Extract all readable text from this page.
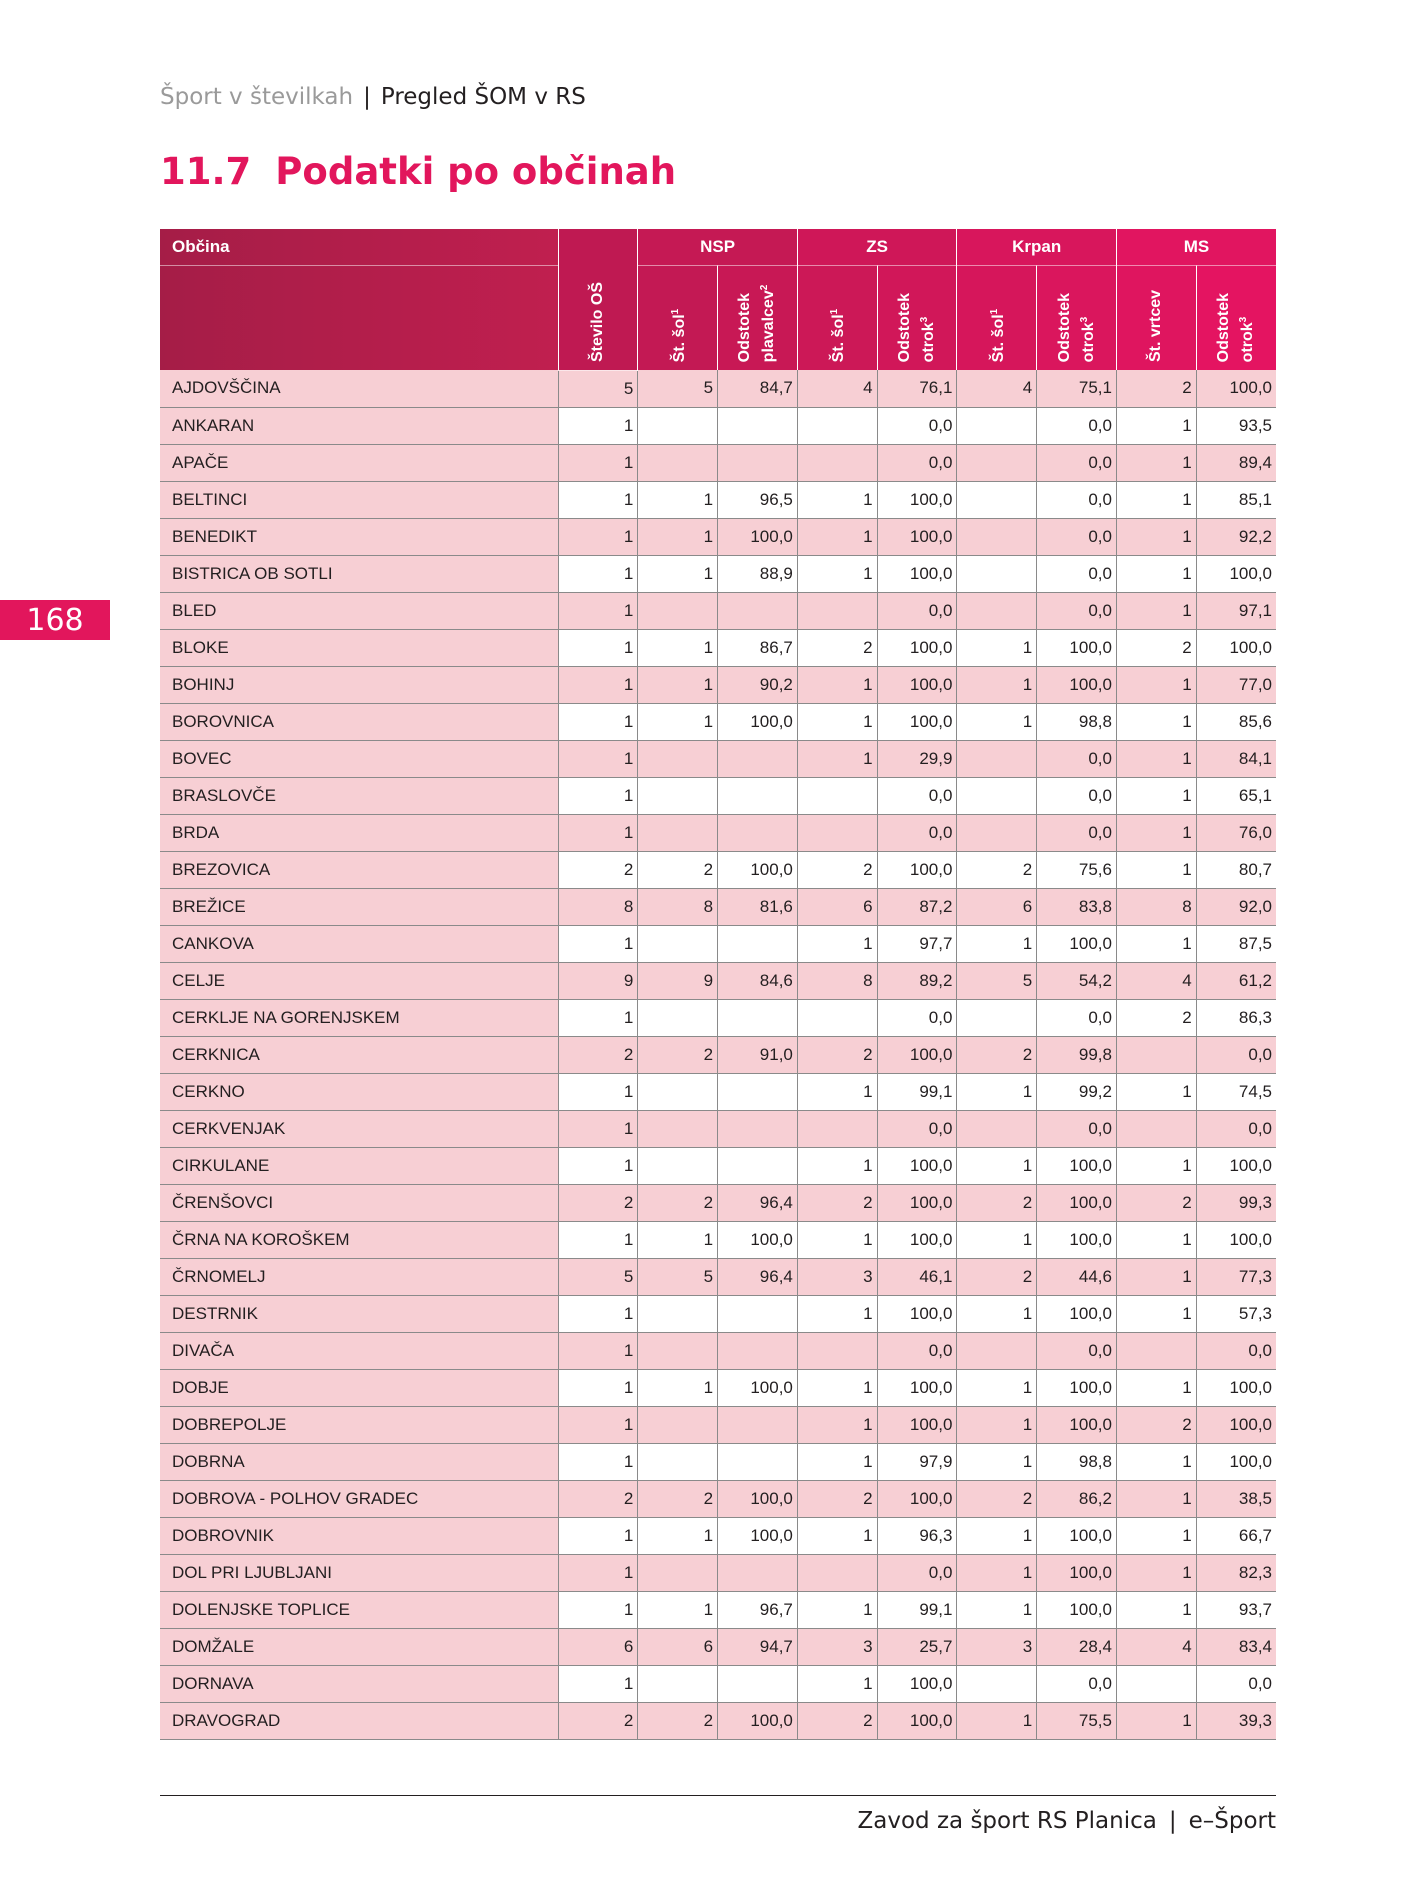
Šport v številkah | Pregled ŠOM v RS
11.7 Podatki po občinah
168
Občina	Število OŠ	NSP		ZS		Krpan		MS	

		Št. šol$^1$	Odstotek plavalcev$^2$	Št. šol$^1$	Odstotek otrok$^3$	Št. šol$^1$	Odstotek otrok$^3$	Št. vrtcev	Odstotek otrok$^3$

AJDOVŠČINA	5	5	84,7	4	76,1	4	75,1	2	100,0
ANKARAN	1				0,0		0,0	1	93,5
APAČE	1				0,0		0,0	1	89,4
BELTINCI	1	1	96,5	1	100,0		0,0	1	85,1
BENEDIKT	1	1	100,0	1	100,0		0,0	1	92,2
BISTRICA OB SOTLI	1	1	88,9	1	100,0		0,0	1	100,0
BLED	1				0,0		0,0	1	97,1
BLOKE	1	1	86,7	2	100,0	1	100,0	2	100,0
BOHINJ	1	1	90,2	1	100,0	1	100,0	1	77,0
BOROVNICA	1	1	100,0	1	100,0	1	98,8	1	85,6
BOVEC	1			1	29,9		0,0	1	84,1
BRASLOVČE	1				0,0		0,0	1	65,1
BRDA	1				0,0		0,0	1	76,0
BREZOVICA	2	2	100,0	2	100,0	2	75,6	1	80,7
BREŽICE	8	8	81,6	6	87,2	6	83,8	8	92,0
CANKOVA	1			1	97,7	1	100,0	1	87,5
CELJE	9	9	84,6	8	89,2	5	54,2	4	61,2
CERKLJE NA GORENJSKEM	1				0,0		0,0	2	86,3
CERKNICA	2	2	91,0	2	100,0	2	99,8		0,0
CERKNO	1			1	99,1	1	99,2	1	74,5
CERKVENJAK	1				0,0		0,0		0,0
CIRKULANE	1			1	100,0	1	100,0	1	100,0
ČRENŠOVCI	2	2	96,4	2	100,0	2	100,0	2	99,3
ČRNA NA KOROŠKEM	1	1	100,0	1	100,0	1	100,0	1	100,0
ČRNOMELJ	5	5	96,4	3	46,1	2	44,6	1	77,3
DESTRNIK	1			1	100,0	1	100,0	1	57,3
DIVAČA	1				0,0		0,0		0,0
DOBJE	1	1	100,0	1	100,0	1	100,0	1	100,0
DOBREPOLJE	1			1	100,0	1	100,0	2	100,0
DOBRNA	1			1	97,9	1	98,8	1	100,0
DOBROVA - POLHOV GRADEC	2	2	100,0	2	100,0	2	86,2	1	38,5
DOBROVNIK	1	1	100,0	1	96,3	1	100,0	1	66,7
DOL PRI LJUBLJANI	1				0,0	1	100,0	1	82,3
DOLENJSKE TOPLICE	1	1	96,7	1	99,1	1	100,0	1	93,7
DOMŽALE	6	6	94,7	3	25,7	3	28,4	4	83,4
DORNAVA	1			1	100,0		0,0		0,0
DRAVOGRAD	2	2	100,0	2	100,0	1	75,5	1	39,3
Zavod za šport RS Planica | e–Šport
